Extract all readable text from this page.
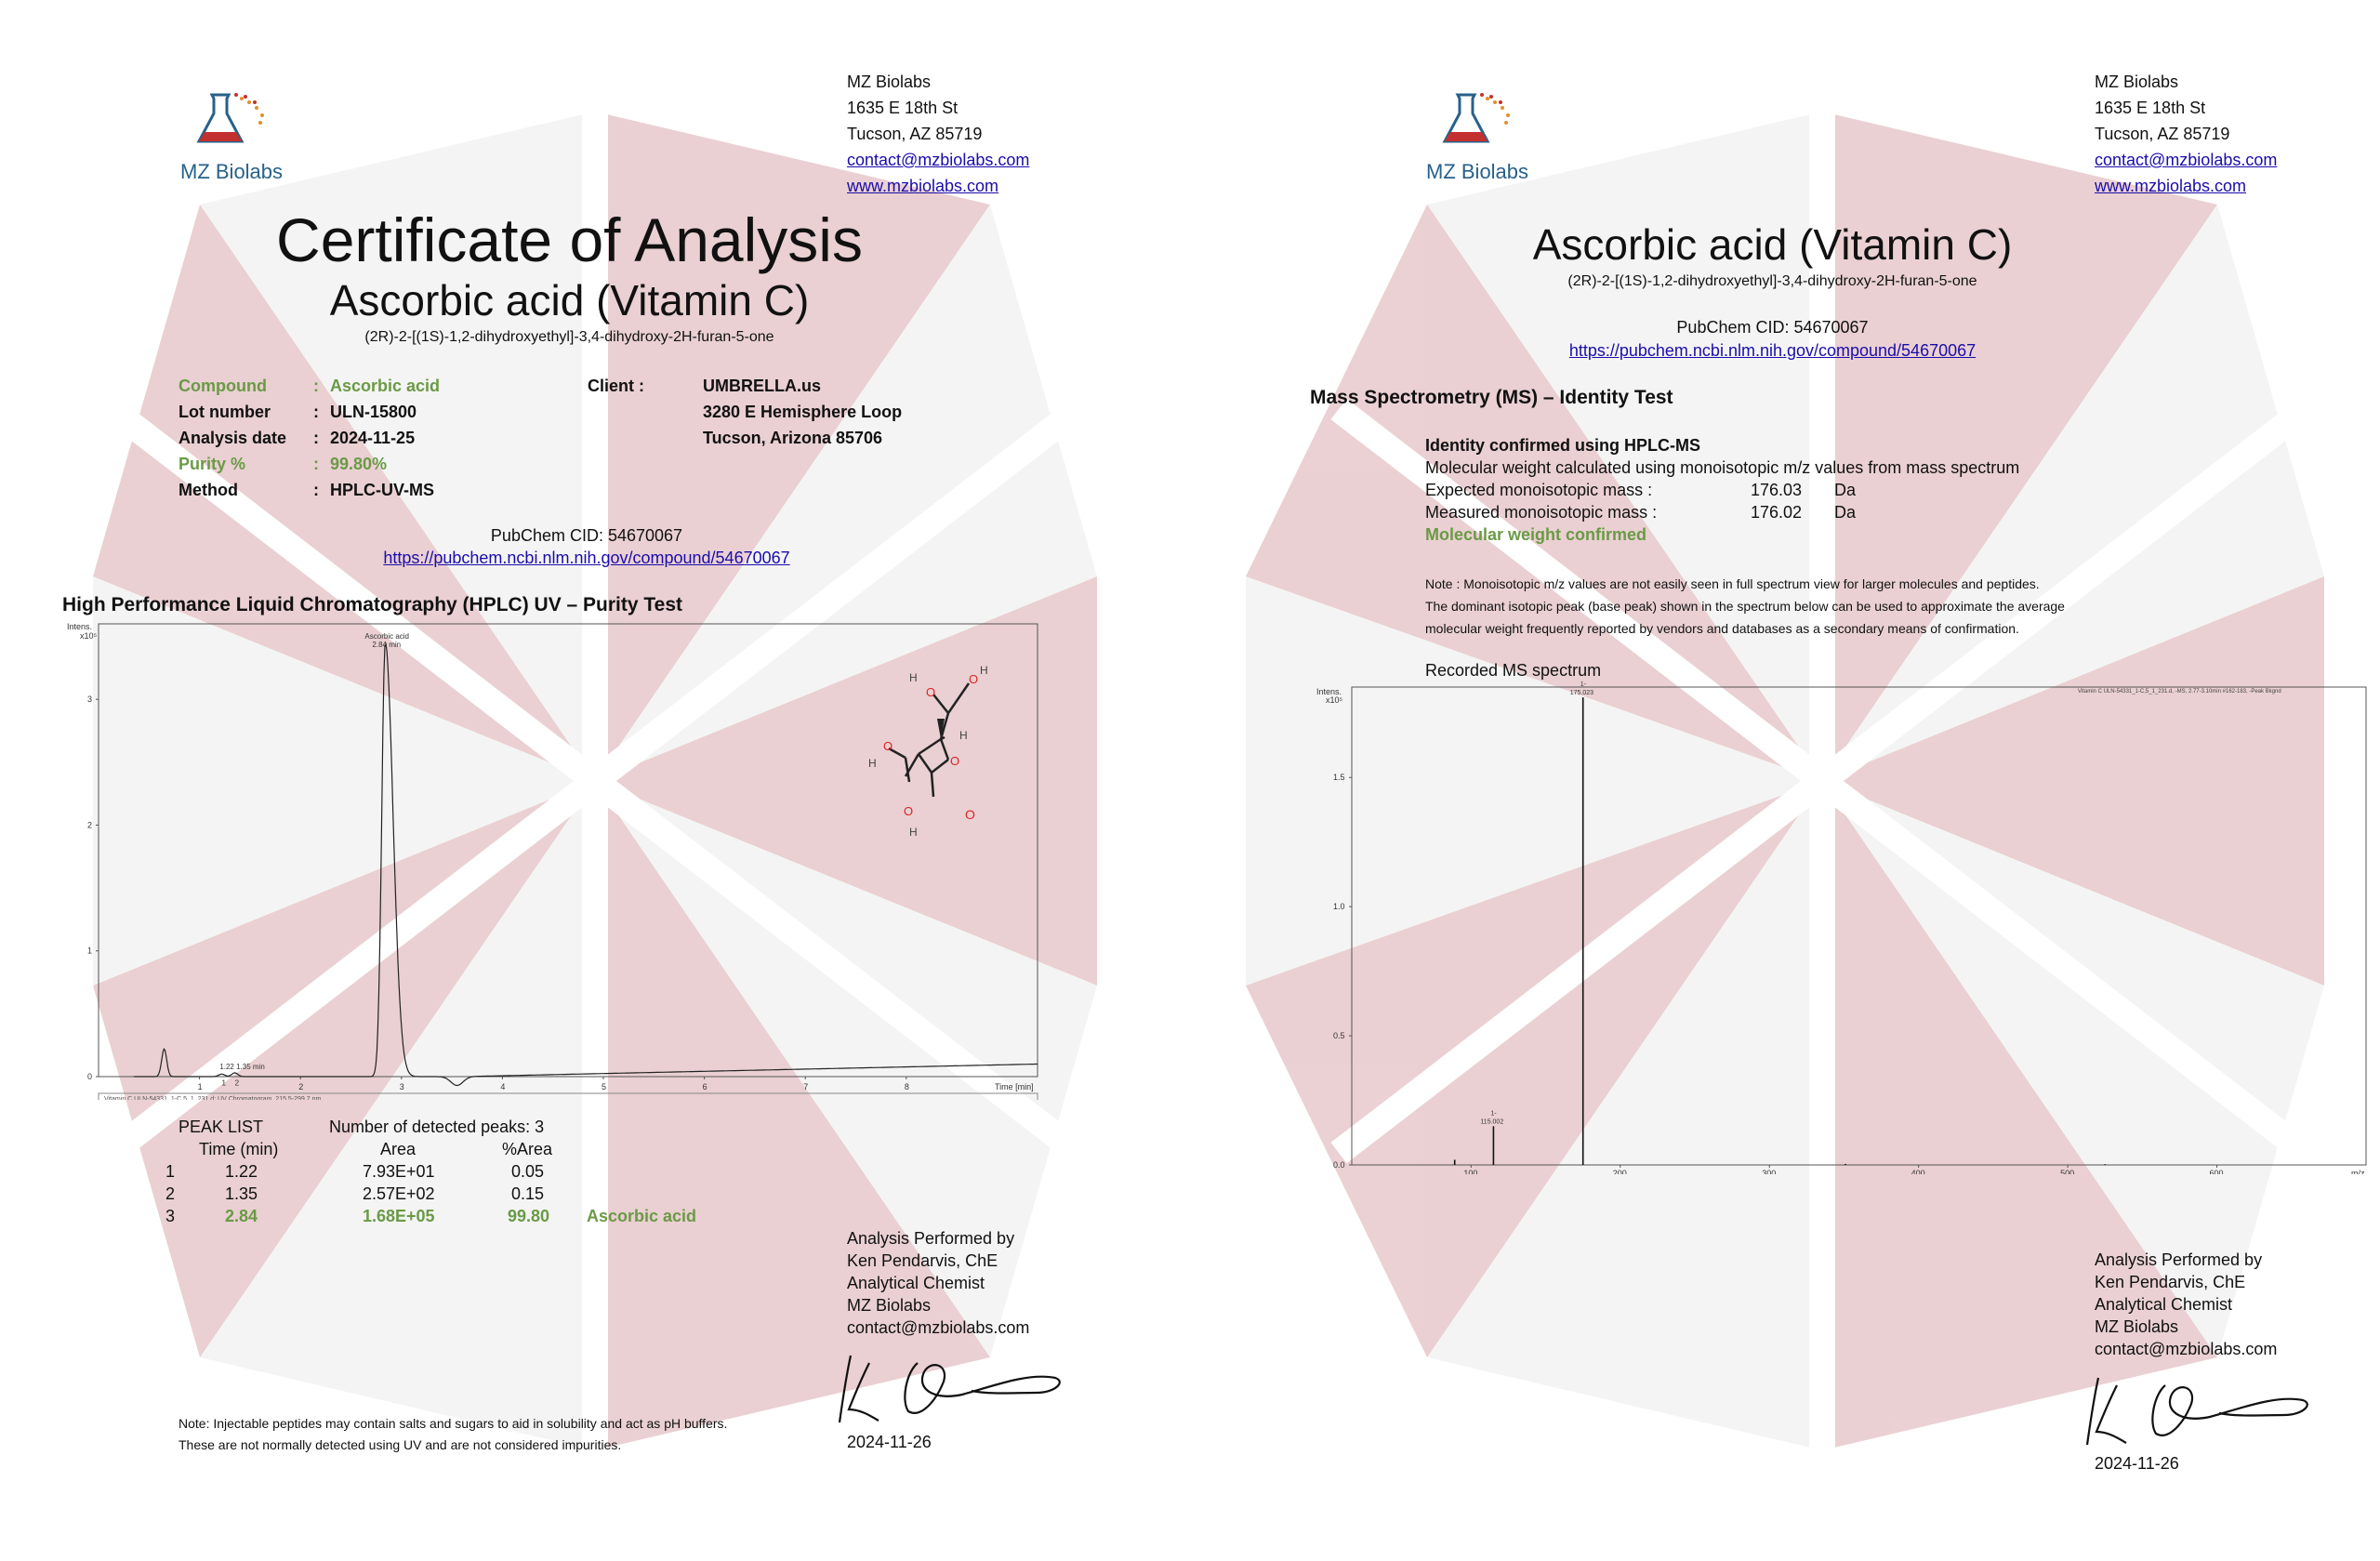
MZ Biolabs
MZ Biolabs
1635 E 18th St
Tucson, AZ 85719
contact@mzbiolabs.com
www.mzbiolabs.com
Certificate of Analysis
Ascorbic acid (Vitamin C)
(2R)-2-[(1S)-1,2-dihydroxyethyl]-3,4-dihydroxy-2H-furan-5-one
Compound	: Ascorbic acid
Lot number	: ULN-15800
Analysis date : 2024-11-25
Purity %	: 99.80%
Method	: HPLC-UV-MS
Client :	UMBRELLA.us
3280 E Hemisphere Loop
Tucson, Arizona 85706
PubChem CID: 54670067
https://pubchem.ncbi.nlm.nih.gov/compound/54670067
High Performance Liquid Chromatography (HPLC) UV – Purity Test
Intens.
x10⁵
0
1
2
3
1	2	3	4	5	6	7	8	Time [min]
Ascorbic acid
2.84 min
1.22 1.35 min
1 2
Vitamin C ULN-54331_1-C,5_1_231.d: UV Chromatogram, 215.5-299.7 nm
O
O
O
O
O
O
H
H
H
H
H
PEAK LIST	Number of detected peaks: 3
Time (min)	Area	%Area
1	1.22	7.93E+01	0.05
2	1.35	2.57E+02	0.15
3	2.84	1.68E+05	99.80 Ascorbic acid
Analysis Performed by
Ken Pendarvis, ChE
Analytical Chemist
MZ Biolabs
contact@mzbiolabs.com
2024-11-26
Note: Injectable peptides may contain salts and sugars to aid in solubility and act as pH buffers.
These are not normally detected using UV and are not considered impurities.
MZ Biolabs
MZ Biolabs
1635 E 18th St
Tucson, AZ 85719
contact@mzbiolabs.com
www.mzbiolabs.com
Ascorbic acid (Vitamin C)
(2R)-2-[(1S)-1,2-dihydroxyethyl]-3,4-dihydroxy-2H-furan-5-one
PubChem CID: 54670067
https://pubchem.ncbi.nlm.nih.gov/compound/54670067
Mass Spectrometry (MS) – Identity Test
Identity confirmed using HPLC-MS
Molecular weight calculated using monoisotopic m/z values from mass spectrum
Expected monoisotopic mass :	176.03 Da
Measured monoisotopic mass :	176.02 Da
Molecular weight confirmed
Note : Monoisotopic m/z values are not easily seen in full spectrum view for larger molecules and peptides.
The dominant isotopic peak (base peak) shown in the spectrum below can be used to approximate the average
molecular weight frequently reported by vendors and databases as a secondary means of confirmation.
Recorded MS spectrum
Intens.
x10⁵
0.0
0.5
1.0
1.5
100	200	300	400	500	600	m/z
Vitamin C ULN-54331_1-C,5_1_231.d, -MS, 2.77-3.10min #162-183, -Peak Bkgnd
1-
115.002
1-
175.023
Analysis Performed by
Ken Pendarvis, ChE
Analytical Chemist
MZ Biolabs
contact@mzbiolabs.com
2024-11-26
